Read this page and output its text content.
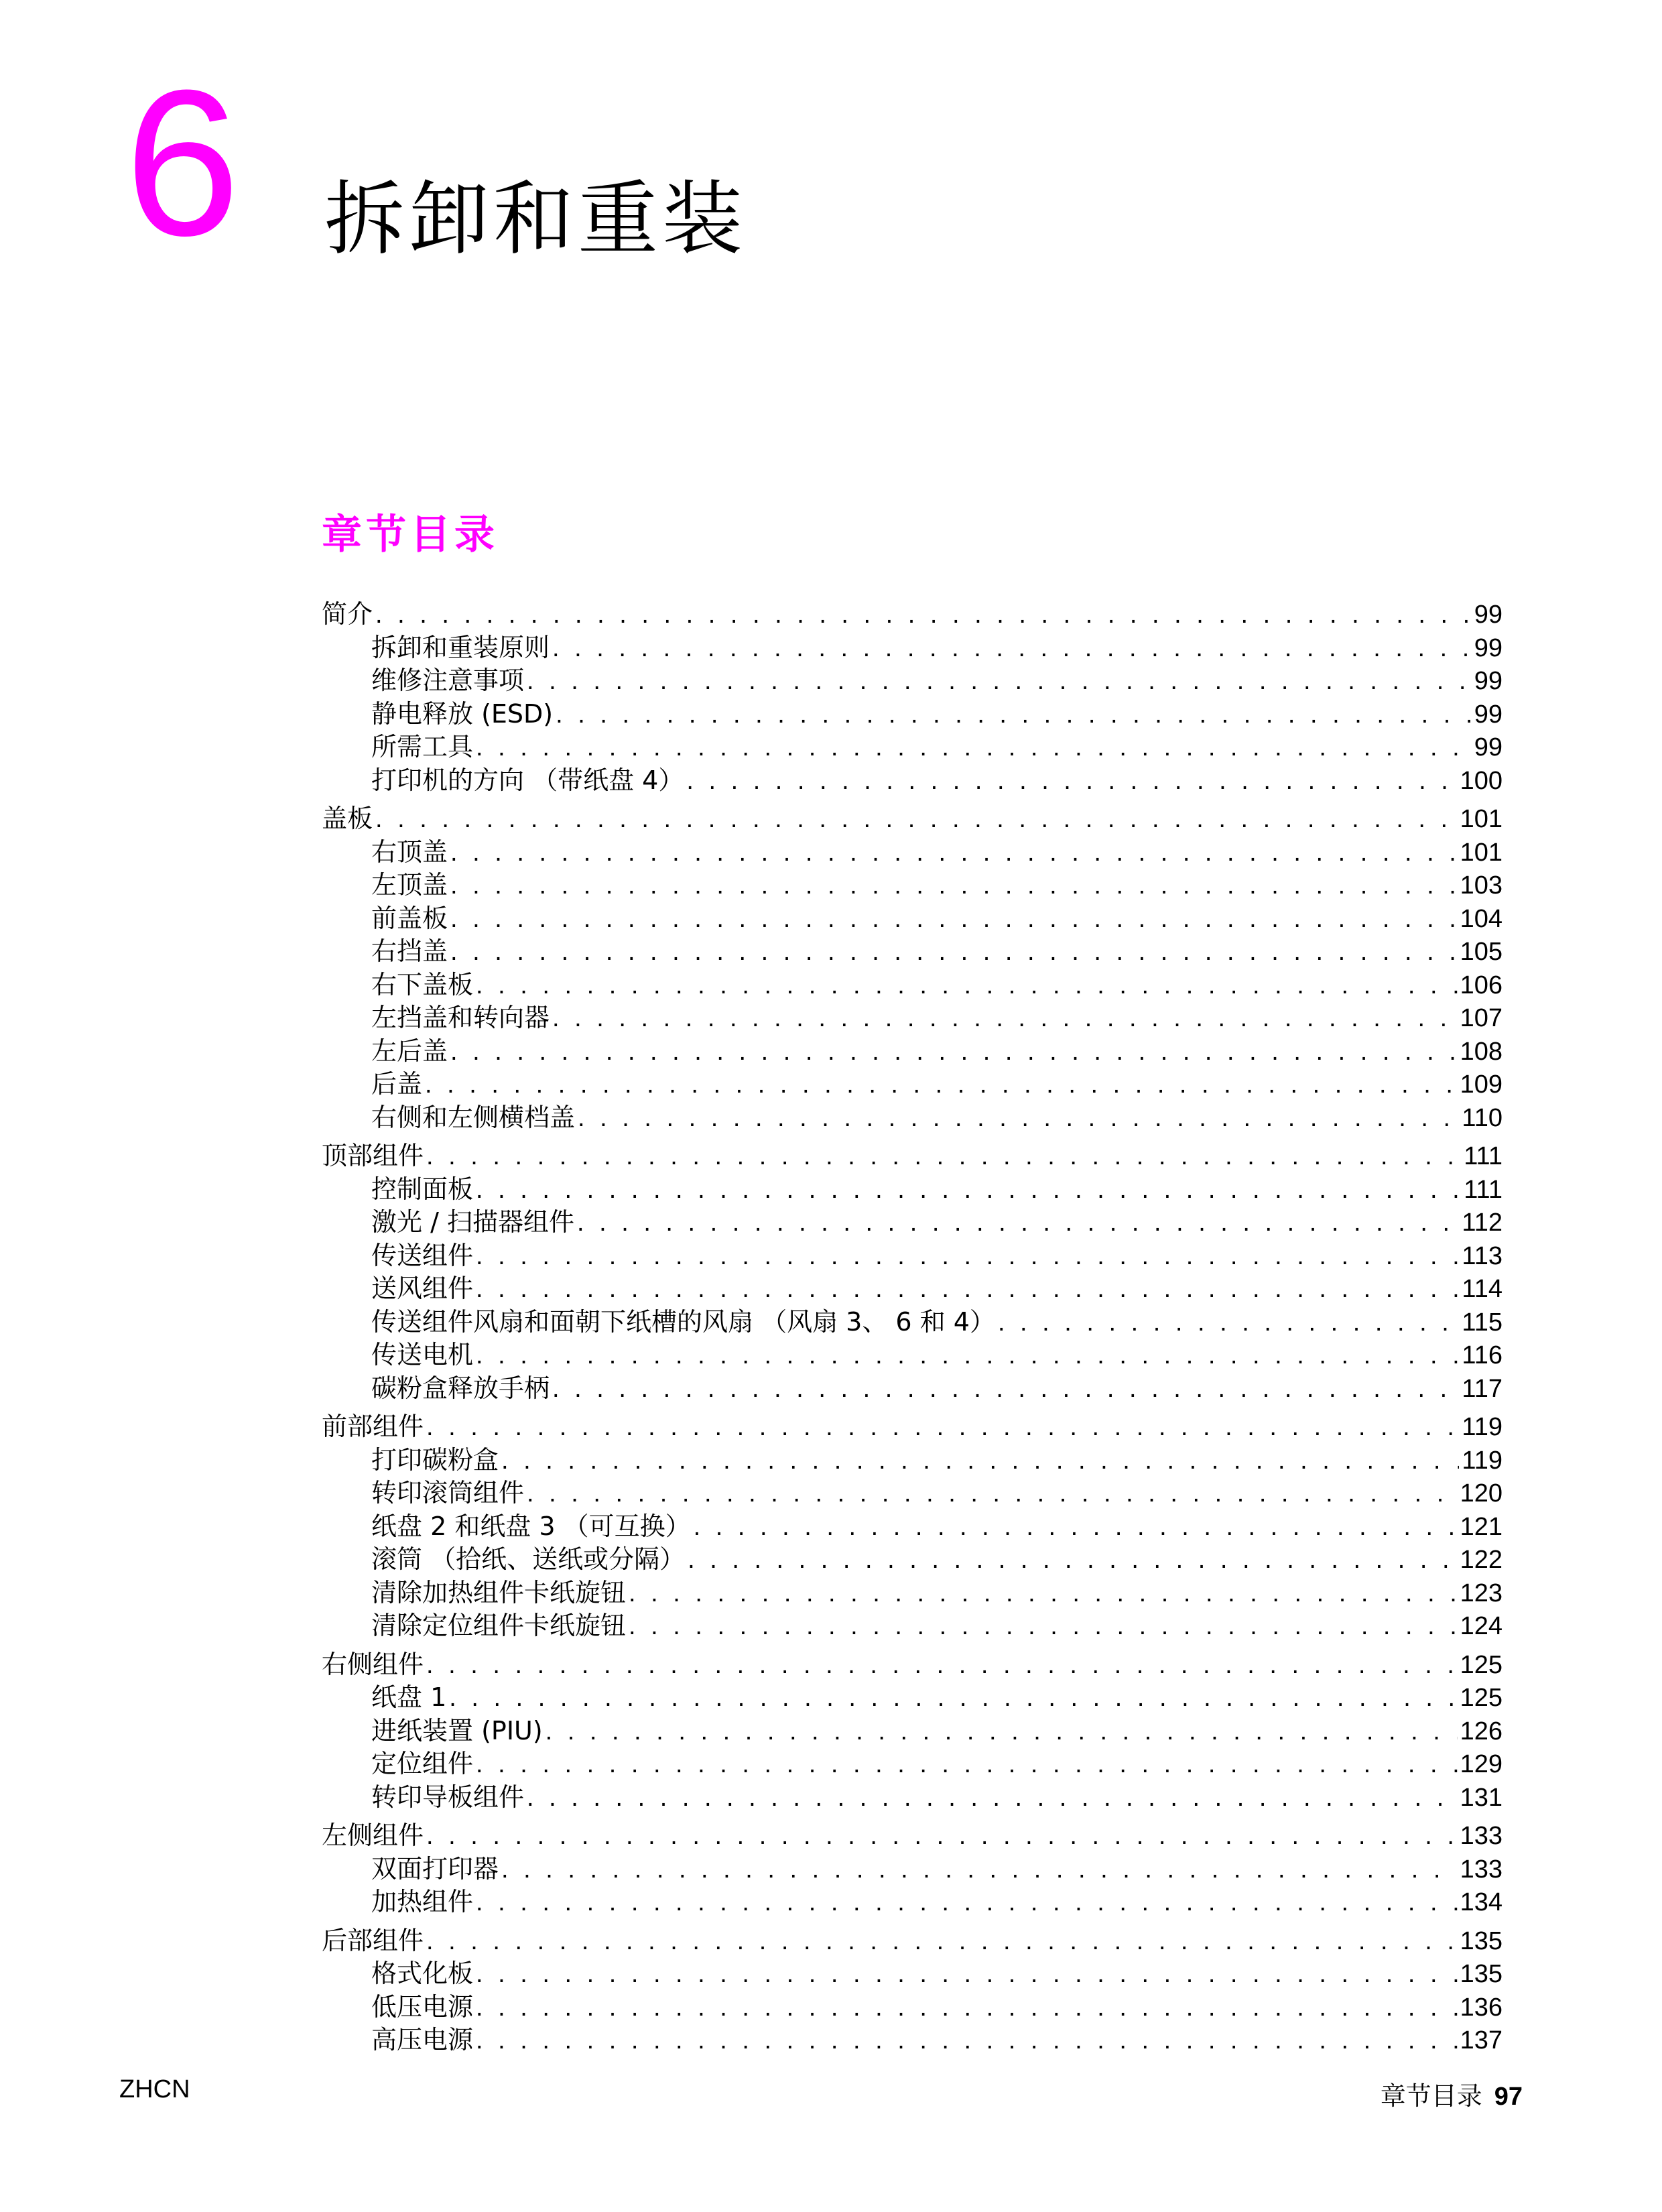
6 拆卸和重装
章节目录
简介 . . .	99
拆卸和重装原则 . . .	99
维修注意事项 . . .	99
静电释放 (ESD) . . .	99
所需工具 . . .	99
打印机的方向 （带纸盘 4） . . .	100
盖板 . . .	101
右顶盖 . . .	101
左顶盖 . . .	103
前盖板 . . .	104
右挡盖 . . .	105
右下盖板 . . .	106
左挡盖和转向器 . . .	107
左后盖 . . .	108
后盖 . . .	109
右侧和左侧横档盖 . . .	110
顶部组件 . . .	111
控制面板 . . .	111
激光 / 扫描器组件 . . .	112
传送组件 . . .	113
送风组件 . . .	114
传送组件风扇和面朝下纸槽的风扇 （风扇 3、 6 和 4） . . .	115
传送电机 . . .	116
碳粉盒释放手柄 . . .	117
前部组件 . . .	119
打印碳粉盒 . . .	119
转印滚筒组件 . . .	120
纸盘 2 和纸盘 3 （可互换） . . .	121
滚筒 （拾纸、送纸或分隔） . . .	122
清除加热组件卡纸旋钮 . . .	123
清除定位组件卡纸旋钮 . . .	124
右侧组件 . . .	125
纸盘 1 . . .	125
进纸装置 (PIU) . . .	126
定位组件 . . .	129
转印导板组件 . . .	131
左侧组件 . . .	133
双面打印器 . . .	133
加热组件 . . .	134
后部组件 . . .	135
格式化板 . . .	135
低压电源 . . .	136
高压电源 . . .	137
ZHCN	章节目录 97
